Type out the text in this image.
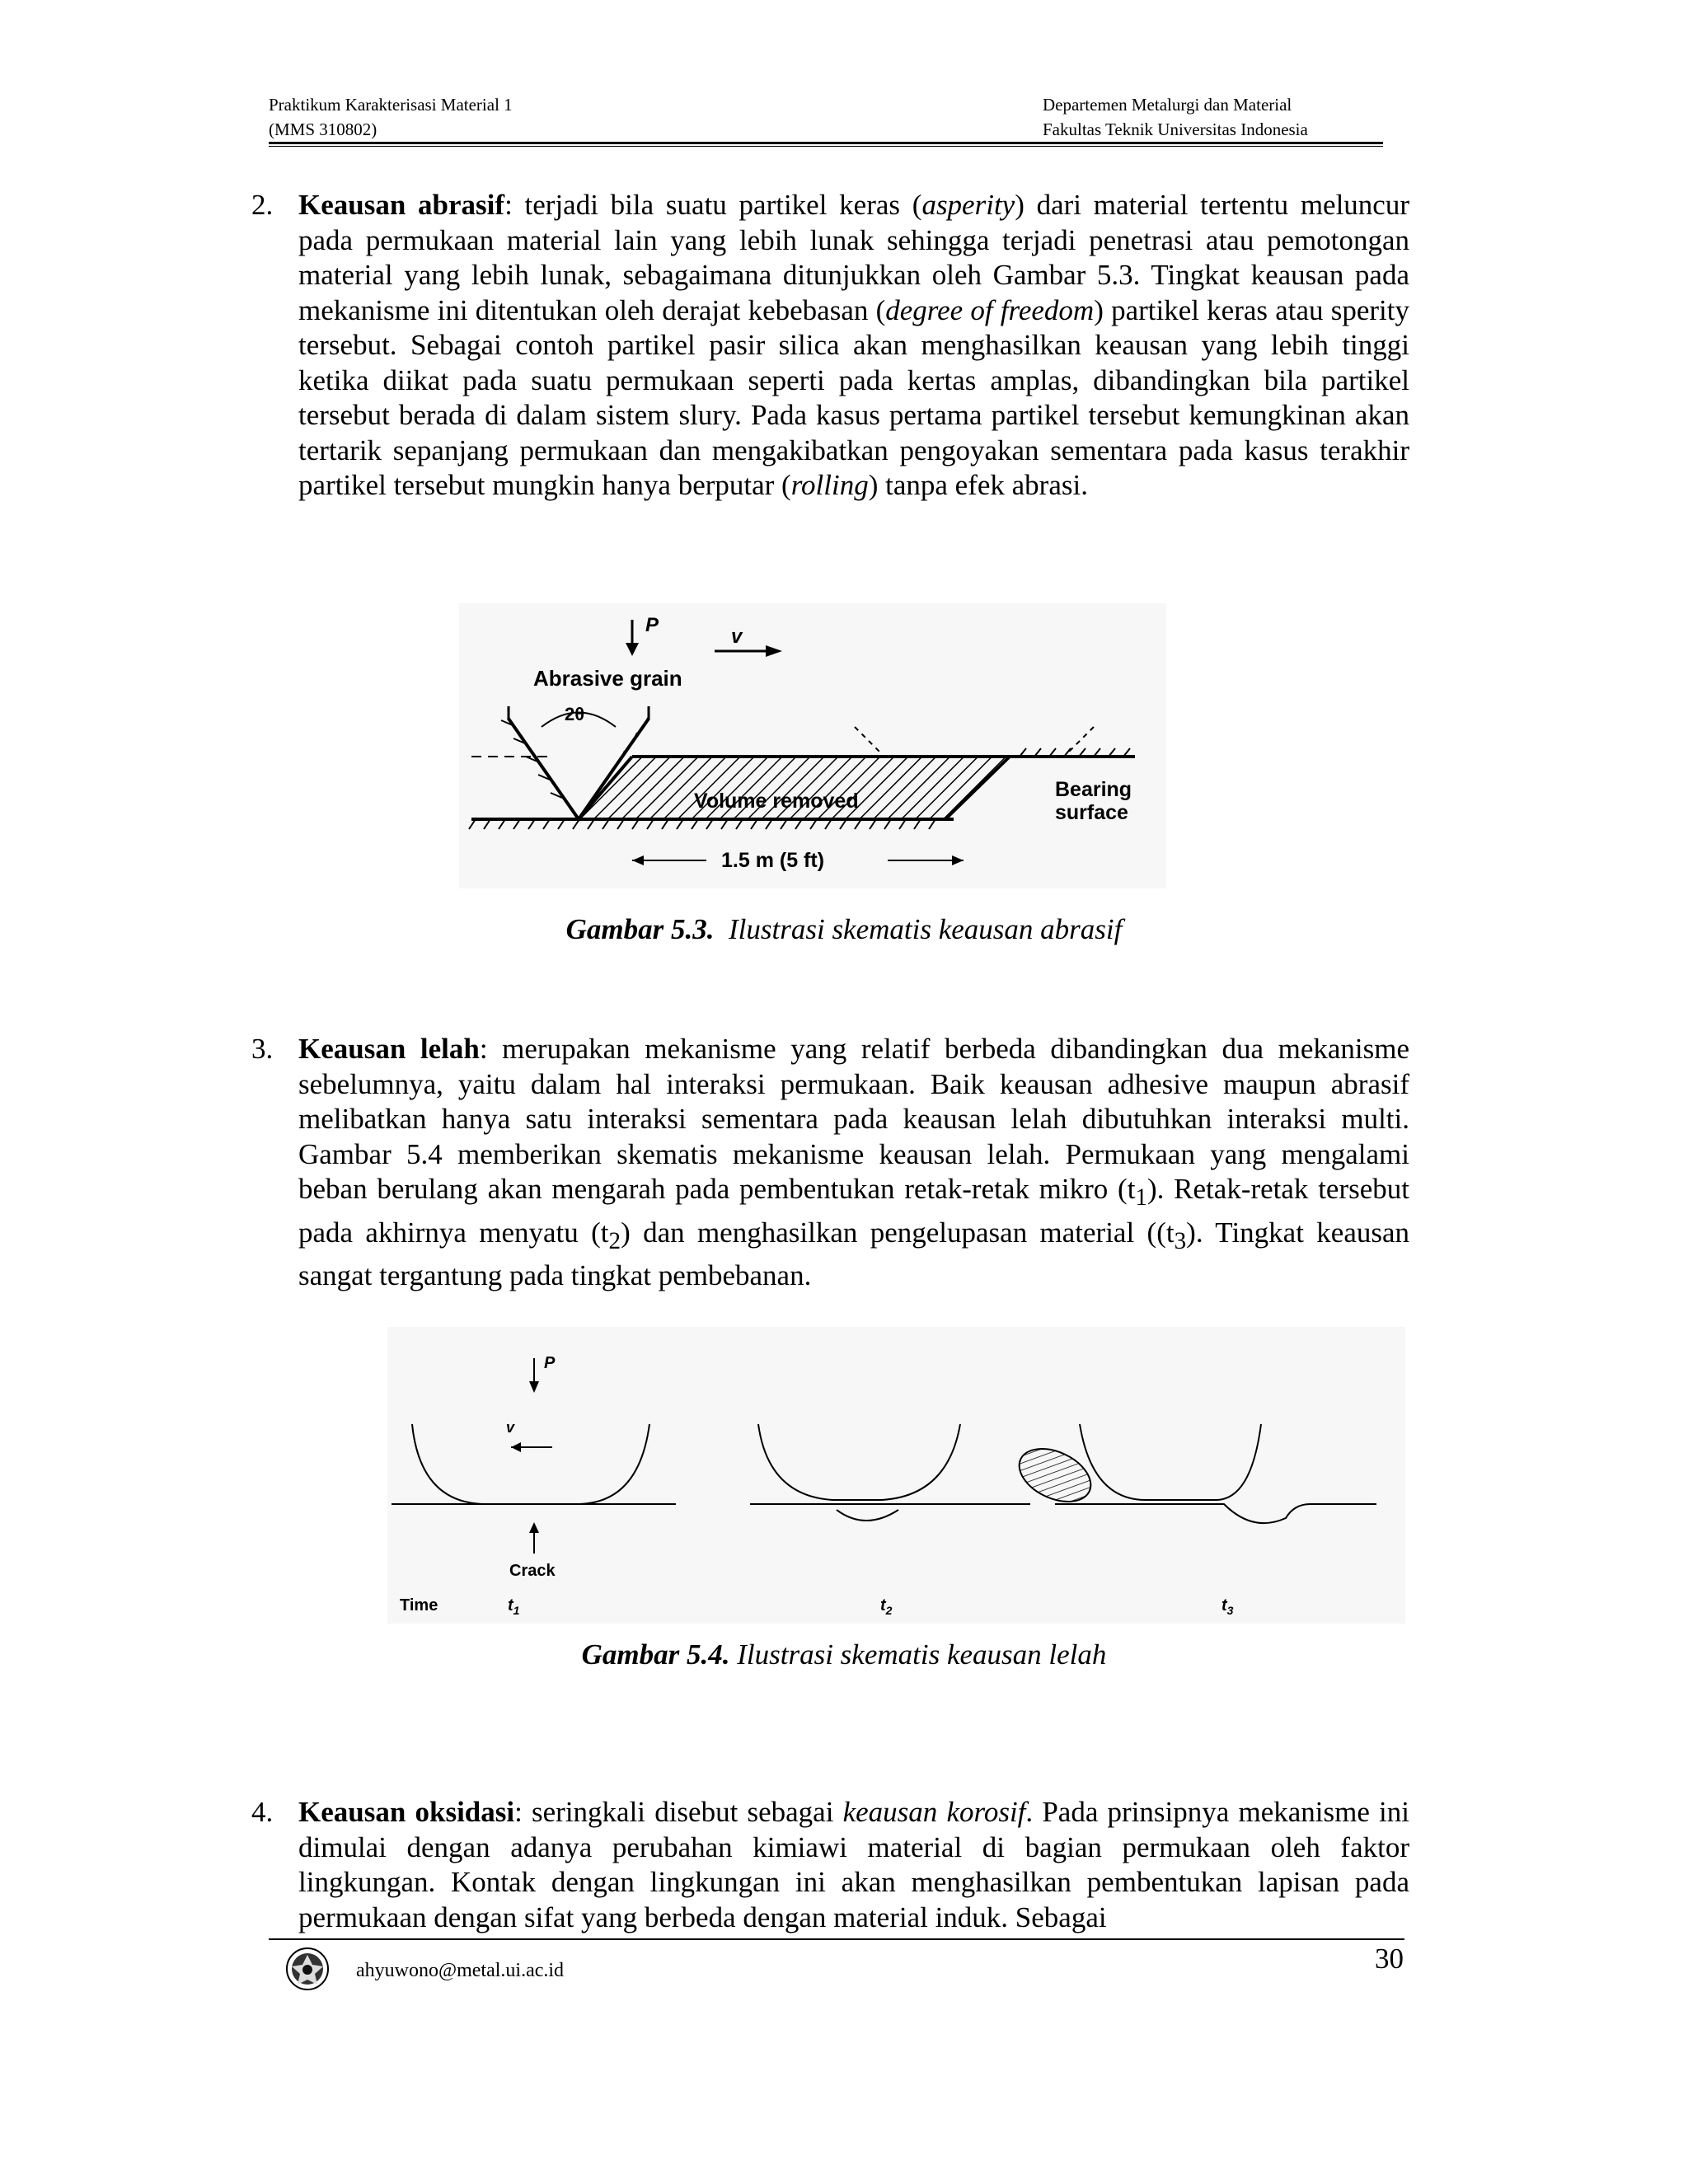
Praktikum Karakterisasi Material 1
(MMS 310802)
Departemen Metalurgi dan Material
Fakultas Teknik Universitas Indonesia
2. Keausan abrasif: terjadi bila suatu partikel keras (asperity) dari material tertentu meluncur pada permukaan material lain yang lebih lunak sehingga terjadi penetrasi atau pemotongan material yang lebih lunak, sebagaimana ditunjukkan oleh Gambar 5.3. Tingkat keausan pada mekanisme ini ditentukan oleh derajat kebebasan (degree of freedom) partikel keras atau sperity tersebut. Sebagai contoh partikel pasir silica akan menghasilkan keausan yang lebih tinggi ketika diikat pada suatu permukaan seperti pada kertas amplas, dibandingkan bila partikel tersebut berada di dalam sistem slury. Pada kasus pertama partikel tersebut kemungkinan akan tertarik sepanjang permukaan dan mengakibatkan pengoyakan sementara pada kasus terakhir partikel tersebut mungkin hanya berputar (rolling) tanpa efek abrasi.
2θ
P
v
Abrasive grain
Volume removed	Bearing
surface
1.5 m (5 ft)
Gambar 5.3. Ilustrasi skematis keausan abrasif
3. Keausan lelah: merupakan mekanisme yang relatif berbeda dibandingkan dua mekanisme sebelumnya, yaitu dalam hal interaksi permukaan. Baik keausan adhesive maupun abrasif melibatkan hanya satu interaksi sementara pada keausan lelah dibutuhkan interaksi multi. Gambar 5.4 memberikan skematis mekanisme keausan lelah. Permukaan yang mengalami beban berulang akan mengarah pada pembentukan retak-retak mikro $(t_1)$. Retak-retak tersebut pada akhirnya menyatu $(t_2)$ dan menghasilkan pengelupasan material ($(t_3)$. Tingkat keausan sangat tergantung pada tingkat pembebanan.
P
v
Crack
Time	$t_1$	$t_2$	$t_3$
Gambar 5.4. Ilustrasi skematis keausan lelah
4. Keausan oksidasi: seringkali disebut sebagai keausan korosif. Pada prinsipnya mekanisme ini dimulai dengan adanya perubahan kimiawi material di bagian permukaan oleh faktor lingkungan. Kontak dengan lingkungan ini akan menghasilkan pembentukan lapisan pada permukaan dengan sifat yang berbeda dengan material induk. Sebagai
ahyuwono@metal.ui.ac.id	30
